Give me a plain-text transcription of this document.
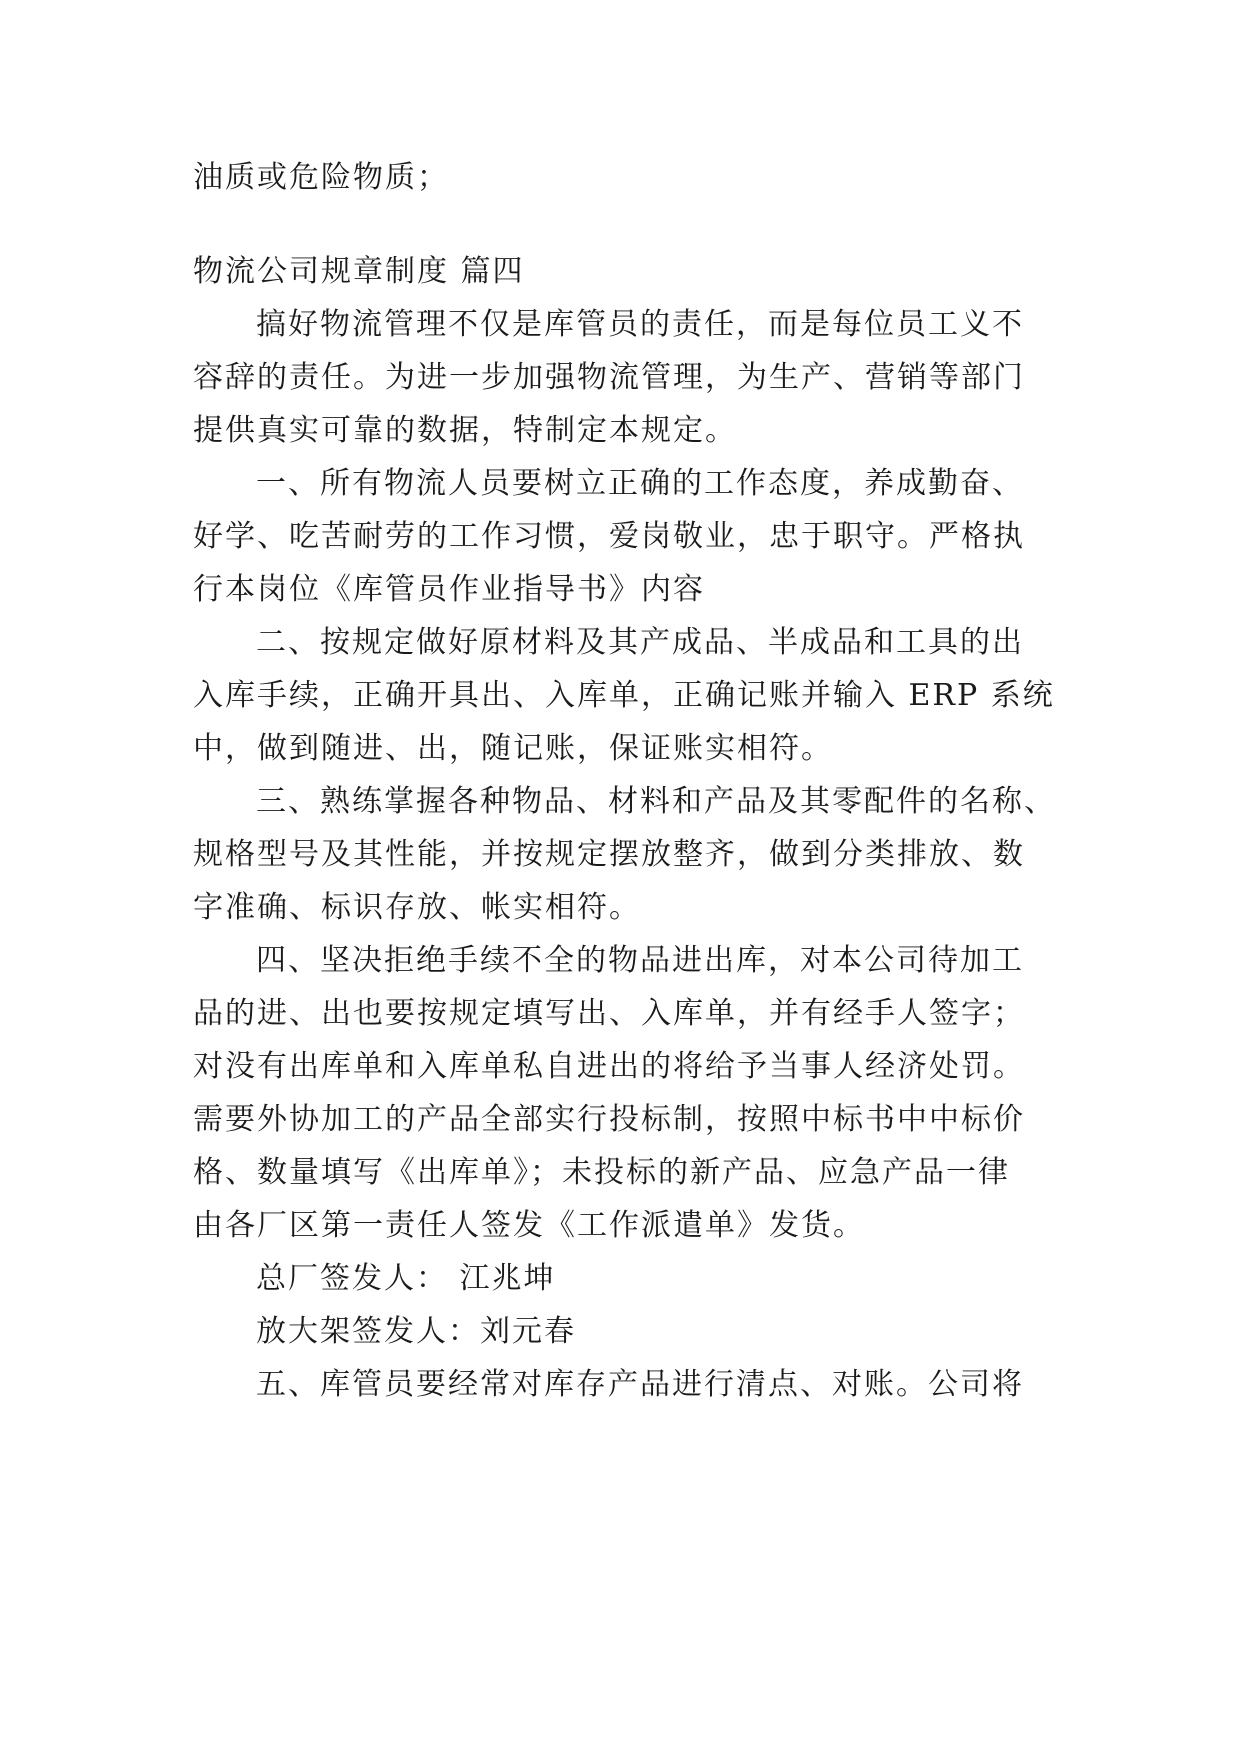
油质或危险物质；
物流公司规章制度 篇四
搞好物流管理不仅是库管员的责任，而是每位员工义不
容辞的责任。为进一步加强物流管理，为生产、营销等部门
提供真实可靠的数据，特制定本规定。
一、所有物流人员要树立正确的工作态度，养成勤奋、
好学、吃苦耐劳的工作习惯，爱岗敬业，忠于职守。严格执
行本岗位《库管员作业指导书》内容
二、按规定做好原材料及其产成品、半成品和工具的出
入库手续，正确开具出、入库单，正确记账并输入 ERP 系统
中，做到随进、出，随记账，保证账实相符。
三、熟练掌握各种物品、材料和产品及其零配件的名称、
规格型号及其性能，并按规定摆放整齐，做到分类排放、数
字准确、标识存放、帐实相符。
四、坚决拒绝手续不全的物品进出库，对本公司待加工
品的进、出也要按规定填写出、入库单，并有经手人签字；
对没有出库单和入库单私自进出的将给予当事人经济处罚。
需要外协加工的产品全部实行投标制，按照中标书中中标价
格、数量填写《出库单》；未投标的新产品、应急产品一律
由各厂区第一责任人签发《工作派遣单》发货。
总厂签发人： 江兆坤
放大架签发人：刘元春
五、库管员要经常对库存产品进行清点、对账。公司将
